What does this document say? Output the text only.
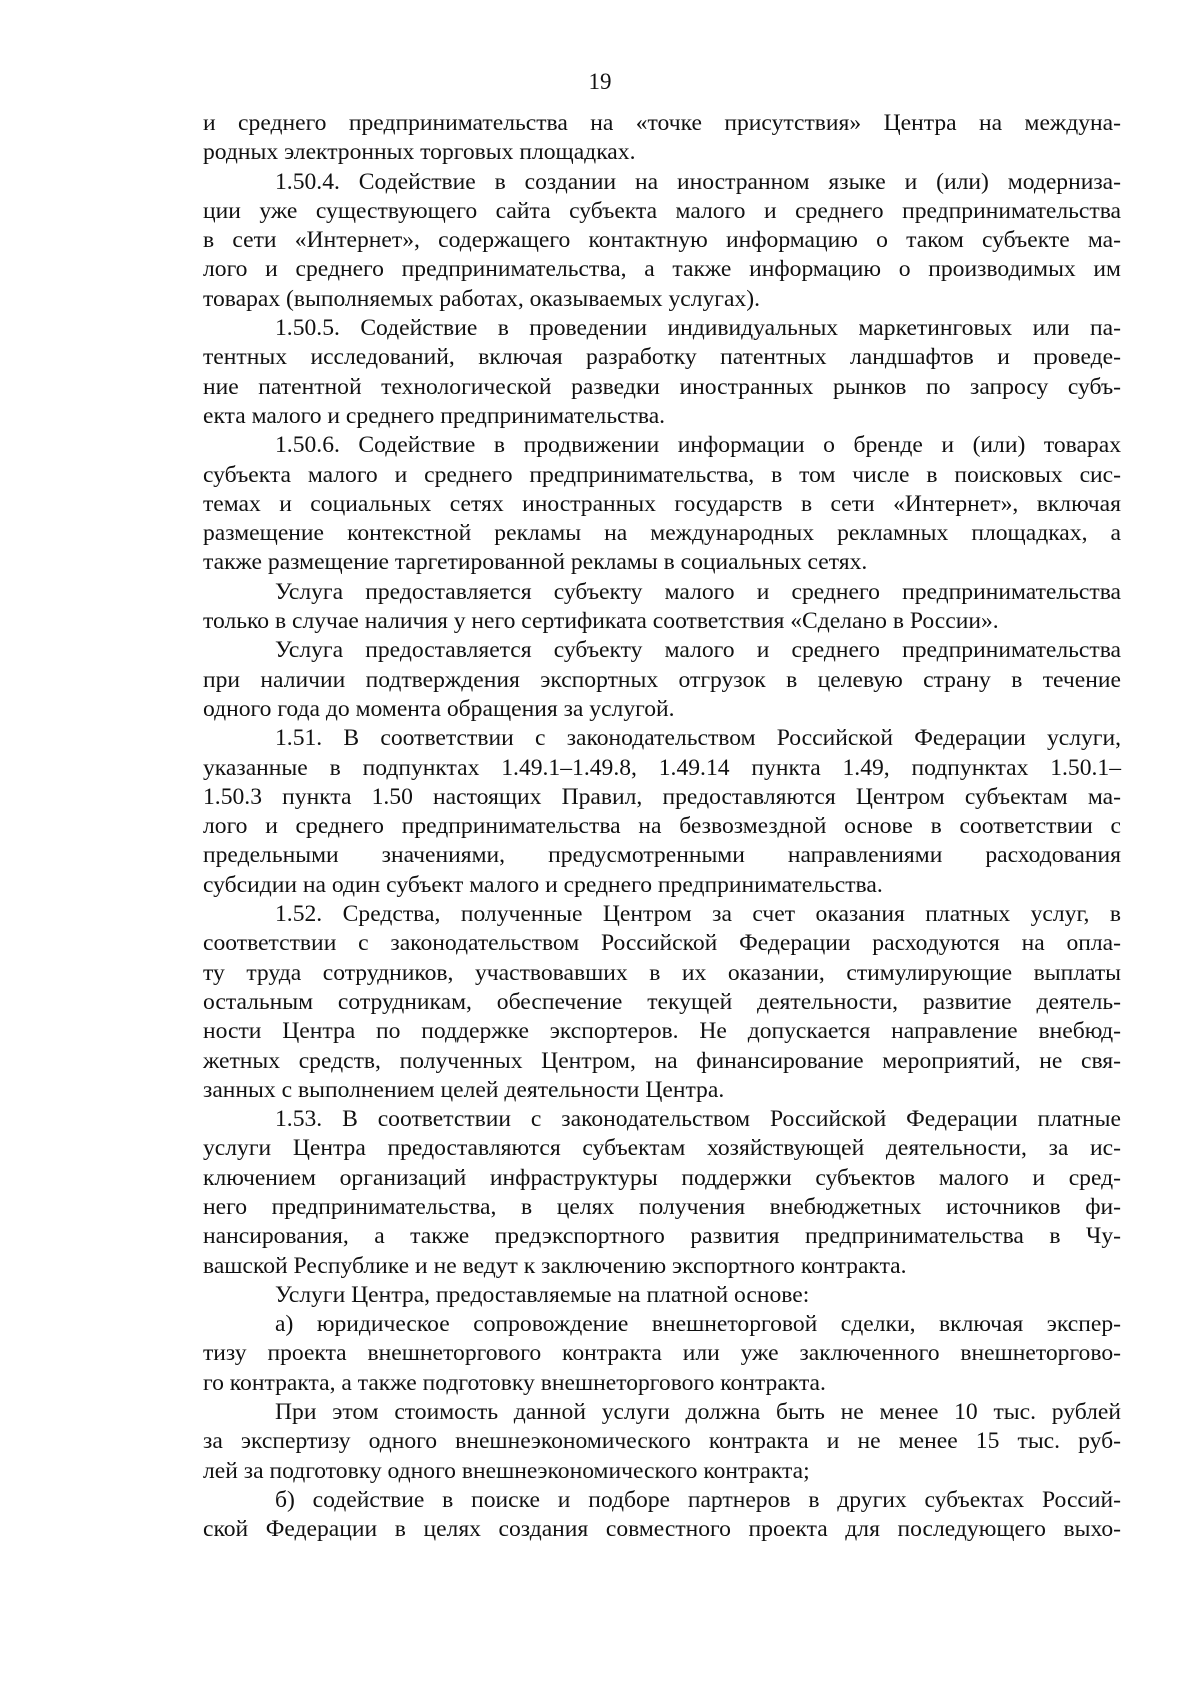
19
и среднего предпринимательства на «точке присутствия» Центра на междуна-
родных электронных торговых площадках.
1.50.4. Содействие в создании на иностранном языке и (или) модерниза-
ции уже существующего сайта субъекта малого и среднего предпринимательства
в сети «Интернет», содержащего контактную информацию о таком субъекте ма-
лого и среднего предпринимательства, а также информацию о производимых им
товарах (выполняемых работах, оказываемых услугах).
1.50.5. Содействие в проведении индивидуальных маркетинговых или па-
тентных исследований, включая разработку патентных ландшафтов и проведе-
ние патентной технологической разведки иностранных рынков по запросу субъ-
екта малого и среднего предпринимательства.
1.50.6. Содействие в продвижении информации о бренде и (или) товарах
субъекта малого и среднего предпринимательства, в том числе в поисковых сис-
темах и социальных сетях иностранных государств в сети «Интернет», включая
размещение контекстной рекламы на международных рекламных площадках, а
также размещение таргетированной рекламы в социальных сетях.
Услуга предоставляется субъекту малого и среднего предпринимательства
только в случае наличия у него сертификата соответствия «Сделано в России».
Услуга предоставляется субъекту малого и среднего предпринимательства
при наличии подтверждения экспортных отгрузок в целевую страну в течение
одного года до момента обращения за услугой.
1.51. В соответствии с законодательством Российской Федерации услуги,
указанные в подпунктах 1.49.1–1.49.8, 1.49.14 пункта 1.49, подпунктах 1.50.1–
1.50.3 пункта 1.50 настоящих Правил, предоставляются Центром субъектам ма-
лого и среднего предпринимательства на безвозмездной основе в соответствии с
предельными значениями, предусмотренными направлениями расходования
субсидии на один субъект малого и среднего предпринимательства.
1.52. Средства, полученные Центром за счет оказания платных услуг, в
соответствии с законодательством Российской Федерации расходуются на опла-
ту труда сотрудников, участвовавших в их оказании, стимулирующие выплаты
остальным сотрудникам, обеспечение текущей деятельности, развитие деятель-
ности Центра по поддержке экспортеров. Не допускается направление внебюд-
жетных средств, полученных Центром, на финансирование мероприятий, не свя-
занных с выполнением целей деятельности Центра.
1.53. В соответствии с законодательством Российской Федерации платные
услуги Центра предоставляются субъектам хозяйствующей деятельности, за ис-
ключением организаций инфраструктуры поддержки субъектов малого и сред-
него предпринимательства, в целях получения внебюджетных источников фи-
нансирования, а также предэкспортного развития предпринимательства в Чу-
вашской Республике и не ведут к заключению экспортного контракта.
Услуги Центра, предоставляемые на платной основе:
а) юридическое сопровождение внешнеторговой сделки, включая экспер-
тизу проекта внешнеторгового контракта или уже заключенного внешнеторгово-
го контракта, а также подготовку внешнеторгового контракта.
При этом стоимость данной услуги должна быть не менее 10 тыс. рублей
за экспертизу одного внешнеэкономического контракта и не менее 15 тыс. руб-
лей за подготовку одного внешнеэкономического контракта;
б) содействие в поиске и подборе партнеров в других субъектах Россий-
ской Федерации в целях создания совместного проекта для последующего выхо-
